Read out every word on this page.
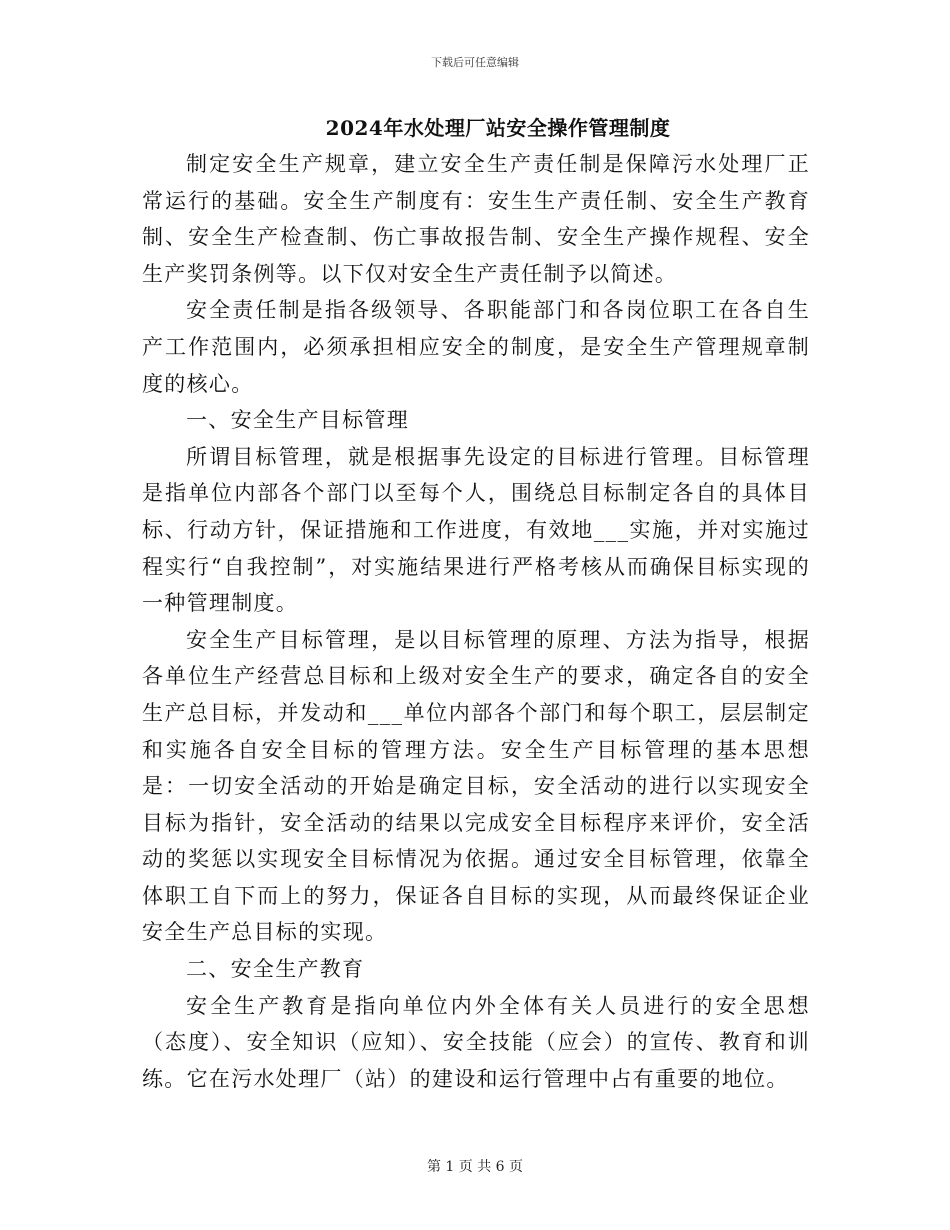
下载后可任意编辑
2024年水处理厂站安全操作管理制度

制定安全生产规章，建立安全生产责任制是保障污水处理厂正常运行的基础。安全生产制度有：安生生产责任制、安全生产教育制、安全生产检查制、伤亡事故报告制、安全生产操作规程、安全生产奖罚条例等。以下仅对安全生产责任制予以简述。

安全责任制是指各级领导、各职能部门和各岗位职工在各自生产工作范围内，必须承担相应安全的制度，是安全生产管理规章制度的核心。

一、安全生产目标管理

所谓目标管理，就是根据事先设定的目标进行管理。目标管理是指单位内部各个部门以至每个人，围绕总目标制定各自的具体目标、行动方针，保证措施和工作进度，有效地___实施，并对实施过程实行“自我控制”，对实施结果进行严格考核从而确保目标实现的一种管理制度。

安全生产目标管理，是以目标管理的原理、方法为指导，根据各单位生产经营总目标和上级对安全生产的要求，确定各自的安全生产总目标，并发动和___单位内部各个部门和每个职工，层层制定和实施各自安全目标的管理方法。安全生产目标管理的基本思想是：一切安全活动的开始是确定目标，安全活动的进行以实现安全目标为指针，安全活动的结果以完成安全目标程序来评价，安全活动的奖惩以实现安全目标情况为依据。通过安全目标管理，依靠全体职工自下而上的努力，保证各自目标的实现，从而最终保证企业安全生产总目标的实现。

二、安全生产教育

安全生产教育是指向单位内外全体有关人员进行的安全思想（态度）、安全知识（应知）、安全技能（应会）的宣传、教育和训练。它在污水处理厂（站）的建设和运行管理中占有重要的地位。

第 1 页 共 6 页
